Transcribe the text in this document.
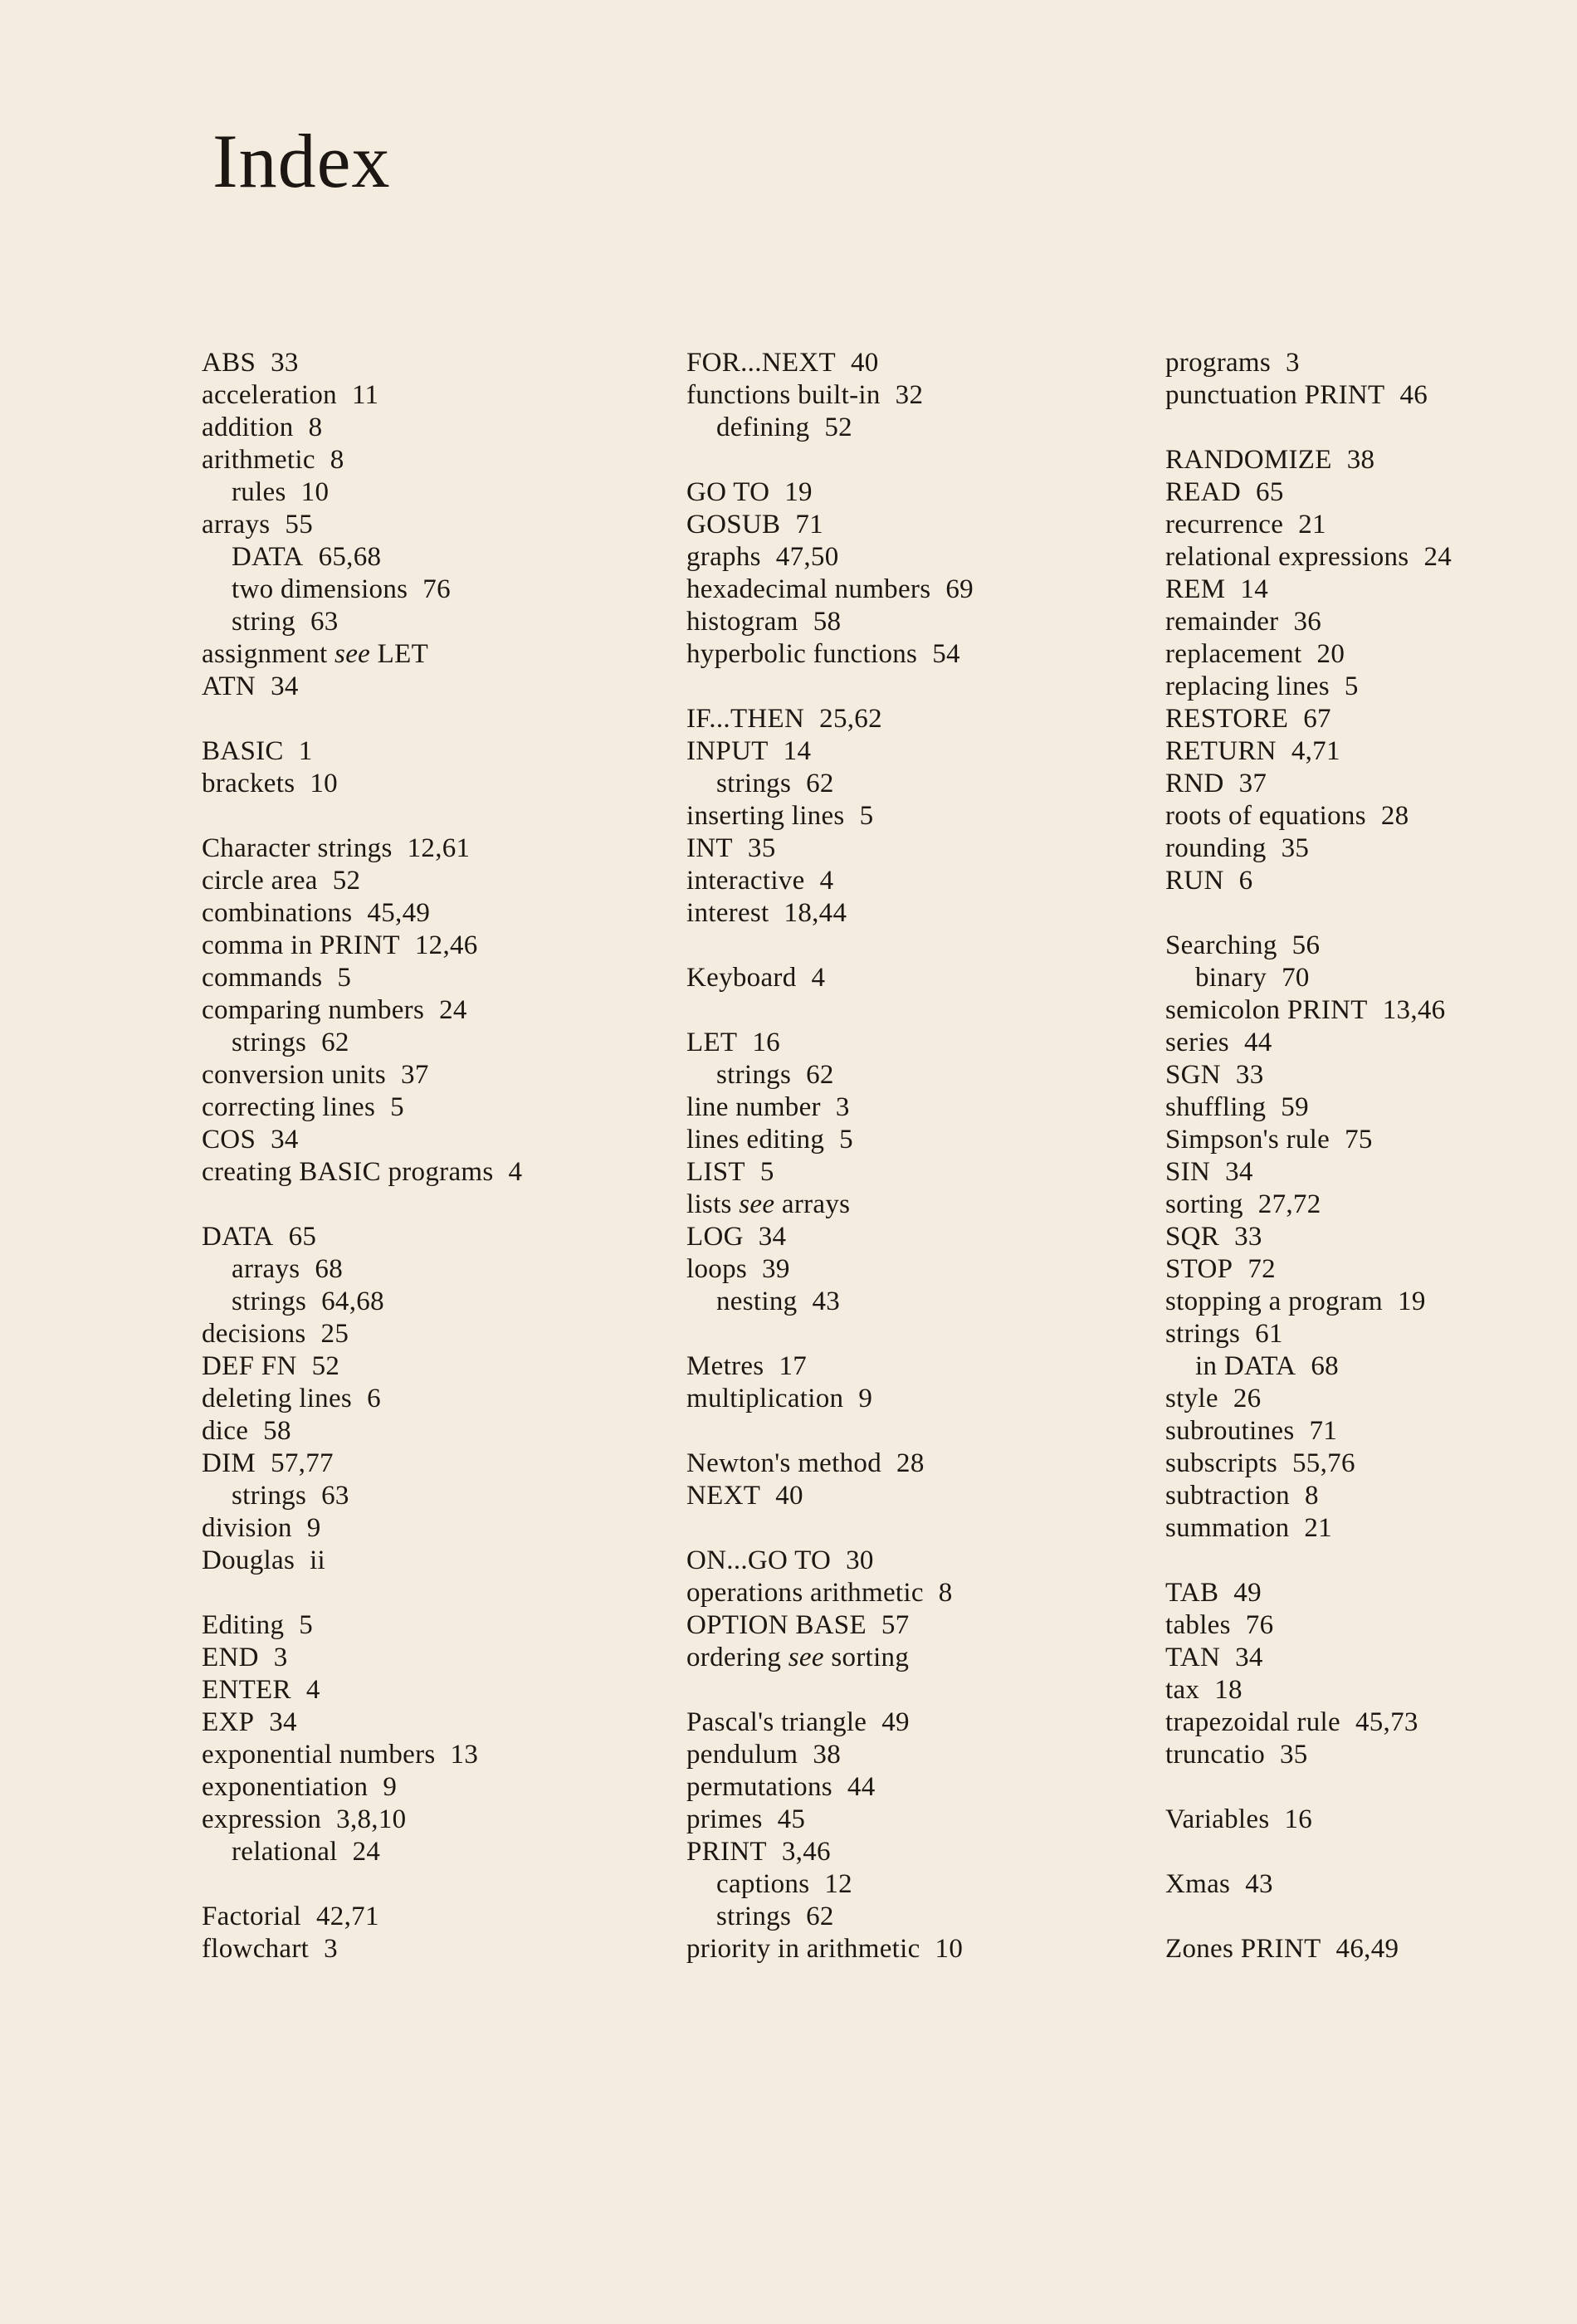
Index
ABS 33
acceleration 11
addition 8
arithmetic 8
rules 10
arrays 55
DATA 65,68
two dimensions 76
string 63
assignment see LET
ATN 34
BASIC 1
brackets 10
Character strings 12,61
circle area 52
combinations 45,49
comma in PRINT 12,46
commands 5
comparing numbers 24
strings 62
conversion units 37
correcting lines 5
COS 34
creating BASIC programs 4
DATA 65
arrays 68
strings 64,68
decisions 25
DEF FN 52
deleting lines 6
dice 58
DIM 57,77
strings 63
division 9
Douglas ii
Editing 5
END 3
ENTER 4
EXP 34
exponential numbers 13
exponentiation 9
expression 3,8,10
relational 24
Factorial 42,71
flowchart 3
FOR...NEXT 40
functions built-in 32
defining 52
GO TO 19
GOSUB 71
graphs 47,50
hexadecimal numbers 69
histogram 58
hyperbolic functions 54
IF...THEN 25,62
INPUT 14
strings 62
inserting lines 5
INT 35
interactive 4
interest 18,44
Keyboard 4
LET 16
strings 62
line number 3
lines editing 5
LIST 5
lists see arrays
LOG 34
loops 39
nesting 43
Metres 17
multiplication 9
Newton's method 28
NEXT 40
ON...GO TO 30
operations arithmetic 8
OPTION BASE 57
ordering see sorting
Pascal's triangle 49
pendulum 38
permutations 44
primes 45
PRINT 3,46
captions 12
strings 62
priority in arithmetic 10
programs 3
punctuation PRINT 46
RANDOMIZE 38
READ 65
recurrence 21
relational expressions 24
REM 14
remainder 36
replacement 20
replacing lines 5
RESTORE 67
RETURN 4,71
RND 37
roots of equations 28
rounding 35
RUN 6
Searching 56
binary 70
semicolon PRINT 13,46
series 44
SGN 33
shuffling 59
Simpson's rule 75
SIN 34
sorting 27,72
SQR 33
STOP 72
stopping a program 19
strings 61
in DATA 68
style 26
subroutines 71
subscripts 55,76
subtraction 8
summation 21
TAB 49
tables 76
TAN 34
tax 18
trapezoidal rule 45,73
truncatio 35
Variables 16
Xmas 43
Zones PRINT 46,49
